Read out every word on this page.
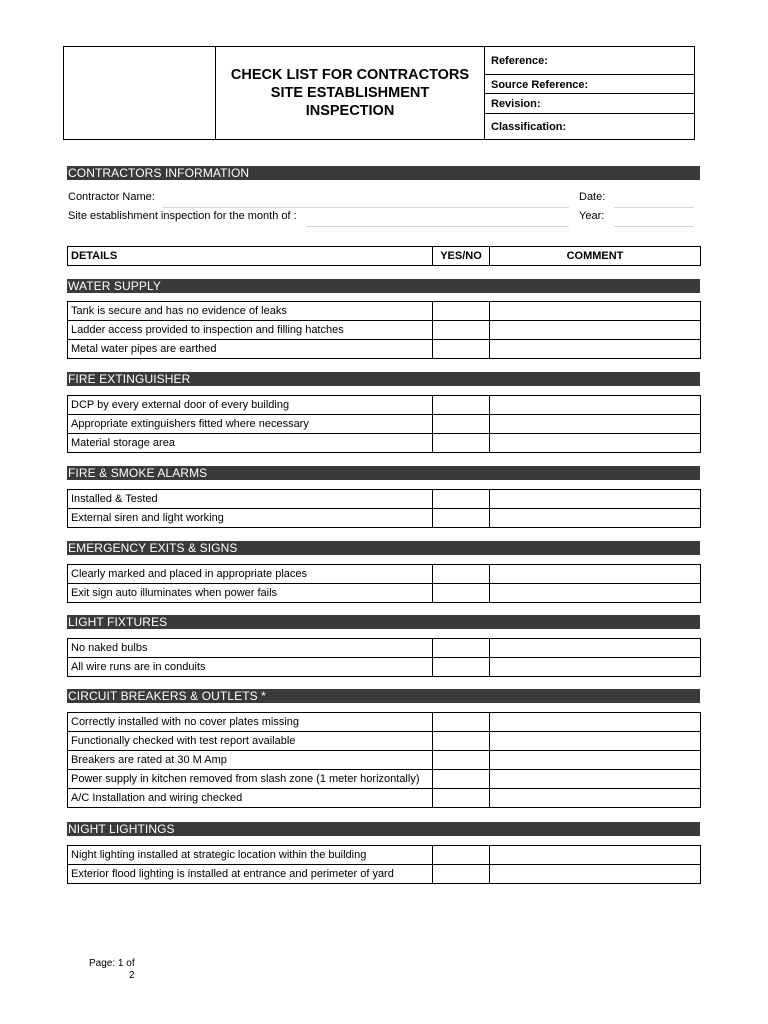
CHECK LIST FOR CONTRACTORS
SITE ESTABLISHMENT
INSPECTION

Reference:
Source Reference:
Revision:
Classification:
CONTRACTORS INFORMATION
Contractor Name:	Date:
Site establishment inspection for the month of :	Year:
DETAILS	YES/NO	COMMENT
WATER SUPPLY
Tank is secure and has no evidence of leaks		
Ladder access provided to inspection and filling hatches		
Metal water pipes are earthed		
FIRE EXTINGUISHER
DCP by every external door of every building		
Appropriate extinguishers fitted where necessary		
Material storage area		
FIRE & SMOKE ALARMS
Installed & Tested		
External siren and light working		
EMERGENCY EXITS & SIGNS
Clearly marked and placed in appropriate places		
Exit sign auto illuminates when power fails		
LIGHT FIXTURES
No naked bulbs		
All wire runs are in conduits		
CIRCUIT BREAKERS & OUTLETS *
Correctly installed with no cover plates missing		
Functionally checked with test report available		
Breakers are rated at 30 M Amp		
Power supply in kitchen removed from slash zone (1 meter horizontally)		
A/C Installation and wiring checked		
NIGHT LIGHTINGS
Night lighting installed at strategic location within the building		
Exterior flood lighting is installed at entrance and perimeter of yard		
Page: 1 of
2
